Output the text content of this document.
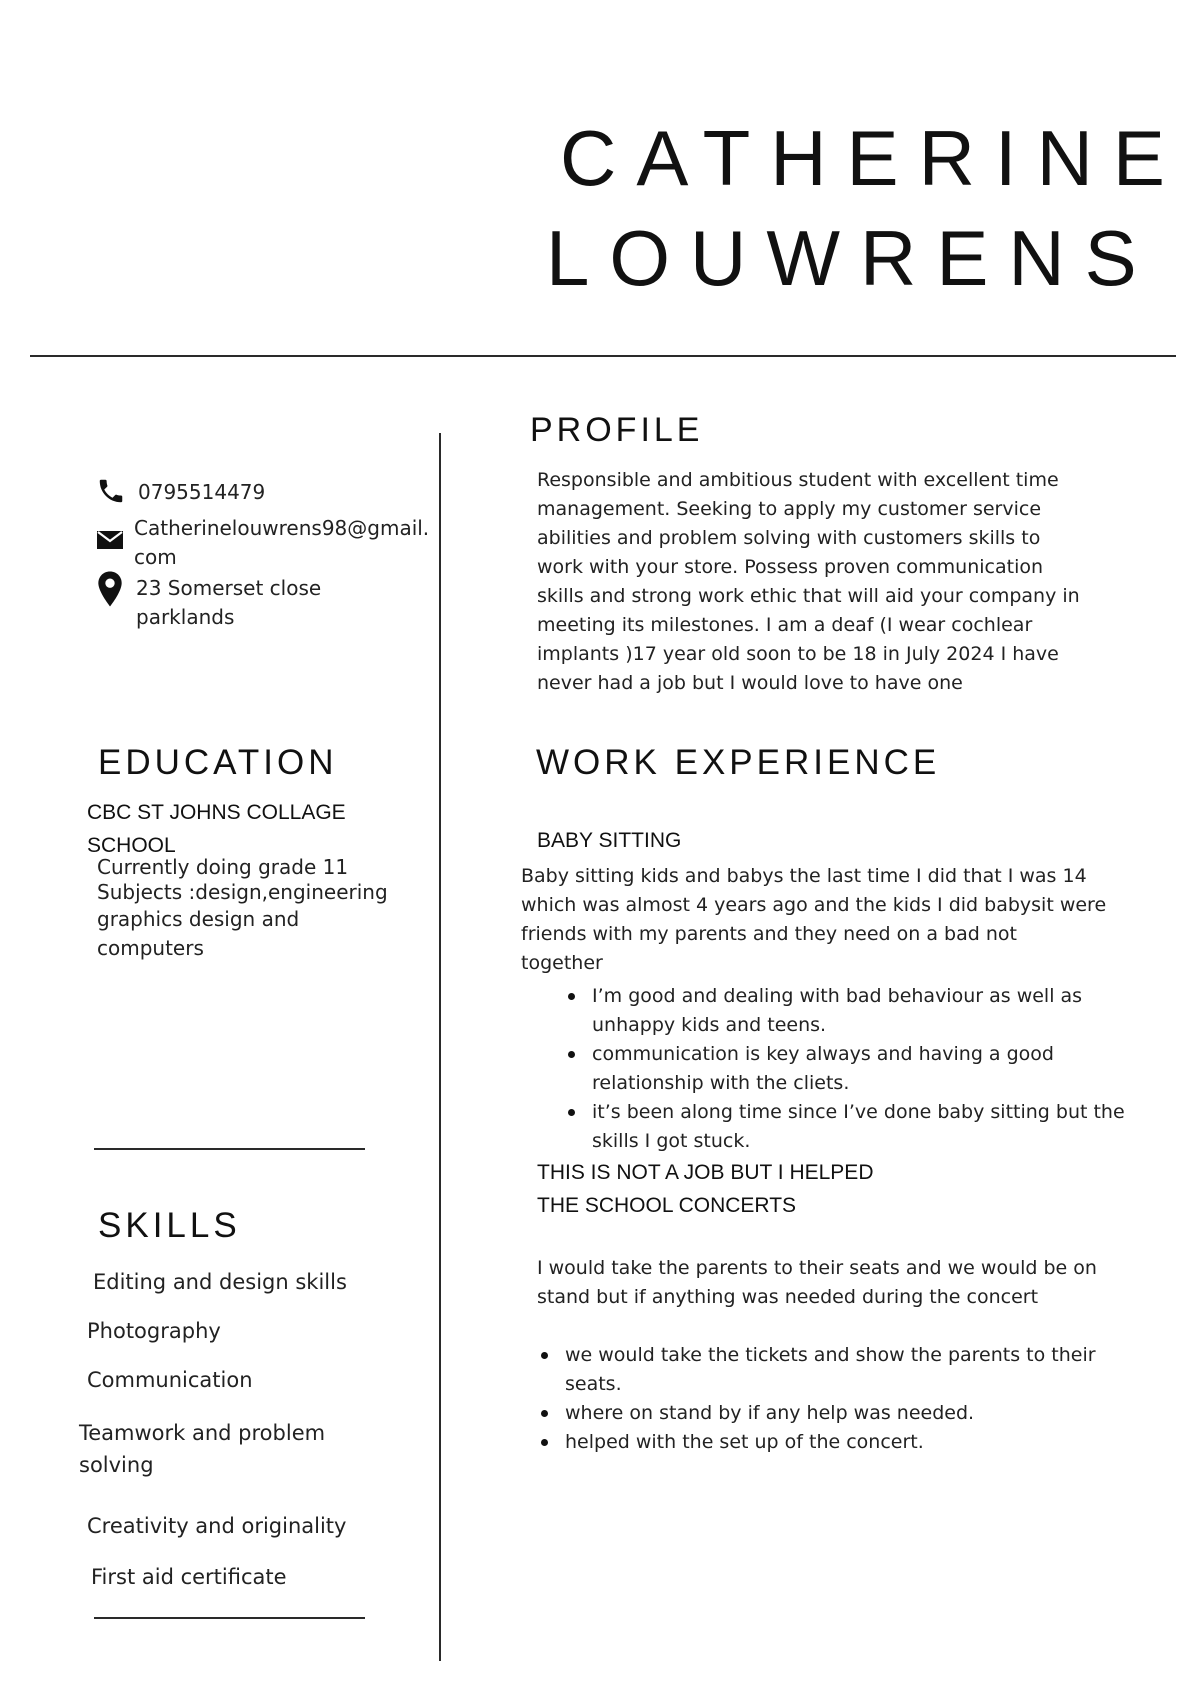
CATHERINE
LOUWRENS
0795514479
Catherinelouwrens98@gmail.
com
23 Somerset close
parklands
EDUCATION
CBC ST JOHNS COLLAGE
SCHOOL
Currently doing grade 11
Subjects :design,engineering
graphics design and
computers
SKILLS
Editing and design skills
Photography
Communication
Teamwork and problem
solving
Creativity and originality
First aid certificate
PROFILE
Responsible and ambitious student with excellent time
management. Seeking to apply my customer service
abilities and problem solving with customers skills to
work with your store. Possess proven communication
skills and strong work ethic that will aid your company in
meeting its milestones. I am a deaf (I wear cochlear
implants )17 year old soon to be 18 in July 2024 I have
never had a job but I would love to have one
WORK EXPERIENCE
BABY SITTING
Baby sitting kids and babys the last time I did that I was 14
which was almost 4 years ago and the kids I did babysit were
friends with my parents and they need on a bad not
together
I’m good and dealing with bad behaviour as well as
unhappy kids and teens.
communication is key always and having a good
relationship with the cliets.
it’s been along time since I’ve done baby sitting but the
skills I got stuck.
THIS IS NOT A JOB BUT I HELPED
THE SCHOOL CONCERTS
I would take the parents to their seats and we would be on
stand but if anything was needed during the concert
we would take the tickets and show the parents to their
seats.
where on stand by if any help was needed.
helped with the set up of the concert.
